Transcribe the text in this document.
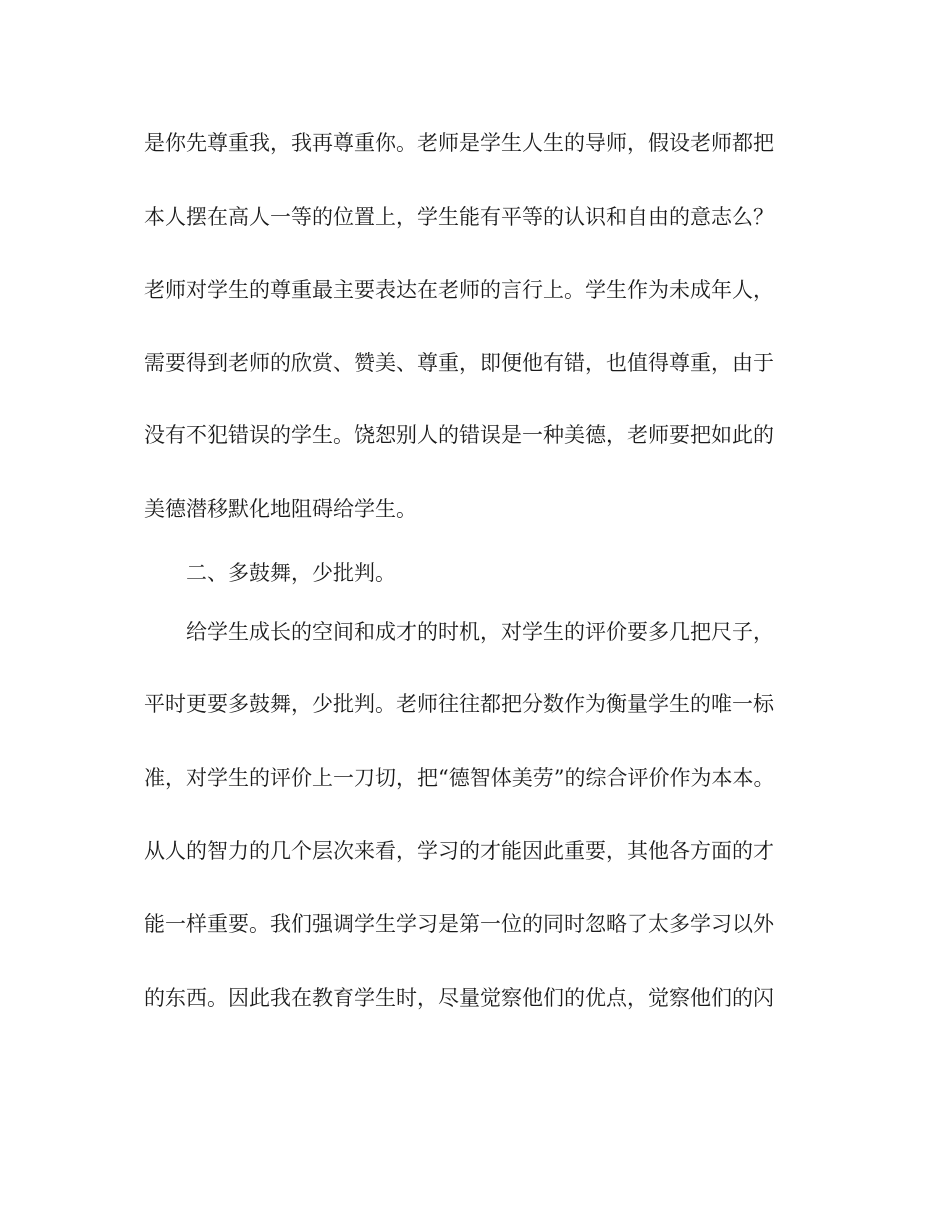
是你先尊重我，我再尊重你。老师是学生人生的导师，假设老师都把
本人摆在高人一等的位置上，学生能有平等的认识和自由的意志么？
老师对学生的尊重最主要表达在老师的言行上。学生作为未成年人，
需要得到老师的欣赏、赞美、尊重，即便他有错，也值得尊重，由于
没有不犯错误的学生。饶恕别人的错误是一种美德，老师要把如此的
美德潜移默化地阻碍给学生。
二、多鼓舞，少批判。
给学生成长的空间和成才的时机，对学生的评价要多几把尺子，
平时更要多鼓舞，少批判。老师往往都把分数作为衡量学生的唯一标
准，对学生的评价上一刀切，把“德智体美劳”的综合评价作为本本。
从人的智力的几个层次来看，学习的才能因此重要，其他各方面的才
能一样重要。我们强调学生学习是第一位的同时忽略了太多学习以外
的东西。因此我在教育学生时，尽量觉察他们的优点，觉察他们的闪
